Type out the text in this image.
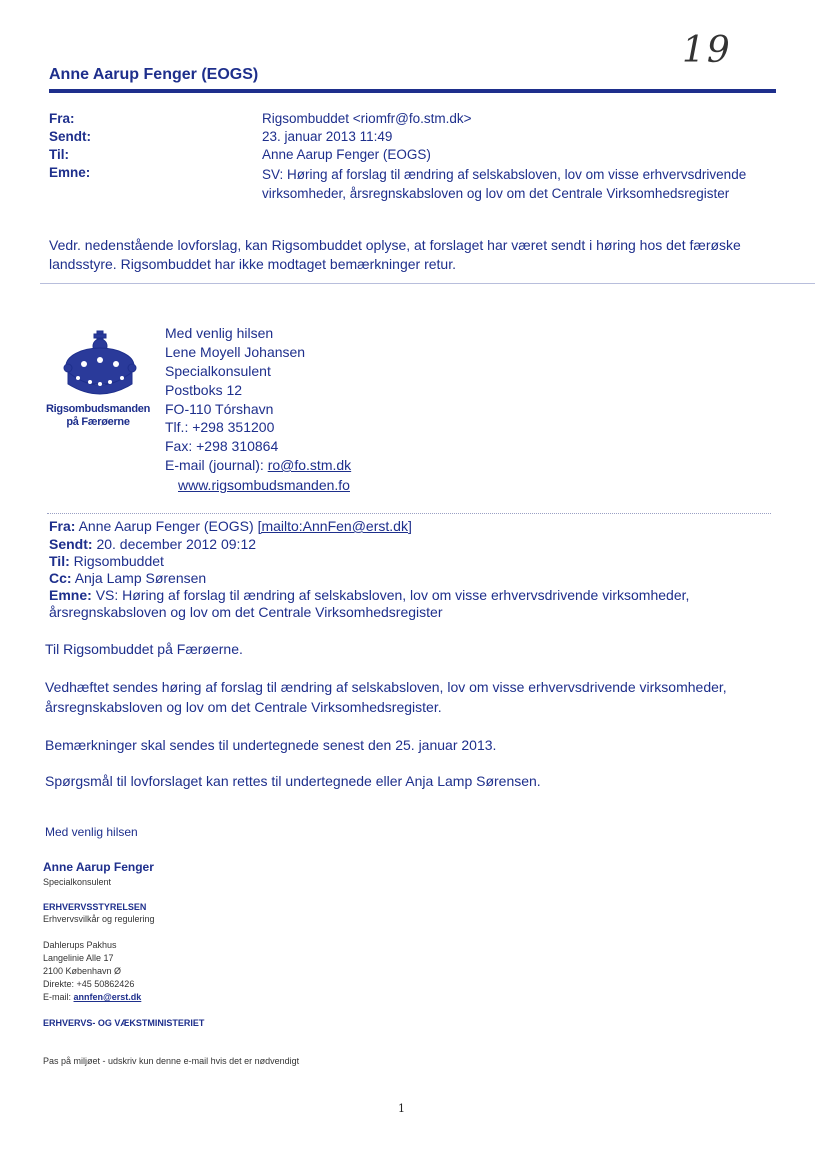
19
Anne Aarup Fenger (EOGS)
Fra:
Sendt:
Til:
Emne:
Rigsombuddet <riomfr@fo.stm.dk>
23. januar 2013 11:49
Anne Aarup Fenger (EOGS)
SV: Høring af forslag til ændring af selskabsloven, lov om visse erhvervsdrivende virksomheder, årsregnskabsloven og lov om det Centrale Virksomhedsregister
Vedr. nedenstående lovforslag, kan Rigsombuddet oplyse, at forslaget har været sendt i høring hos det færøske landsstyre. Rigsombuddet har ikke modtaget bemærkninger retur.
Rigsombudsmanden
på Færøerne
Med venlig hilsen
Lene Moyell Johansen
Specialkonsulent
Postboks 12
FO-110 Tórshavn
Tlf.: +298 351200
Fax: +298 310864
E-mail (journal): ro@fo.stm.dk
www.rigsombudsmanden.fo
Fra: Anne Aarup Fenger (EOGS) [mailto:AnnFen@erst.dk]
Sendt: 20. december 2012 09:12
Til: Rigsombuddet
Cc: Anja Lamp Sørensen
Emne: VS: Høring af forslag til ændring af selskabsloven, lov om visse erhvervsdrivende virksomheder,
årsregnskabsloven og lov om det Centrale Virksomhedsregister
Til Rigsombuddet på Færøerne.
Vedhæftet sendes høring af forslag til ændring af selskabsloven, lov om visse erhvervsdrivende virksomheder, årsregnskabsloven og lov om det Centrale Virksomhedsregister.
Bemærkninger skal sendes til undertegnede senest den 25. januar 2013.
Spørgsmål til lovforslaget kan rettes til undertegnede eller Anja Lamp Sørensen.
Med venlig hilsen
Anne Aarup Fenger
Specialkonsulent
ERHVERVSSTYRELSEN
Erhvervsvilkår og regulering
Dahlerups Pakhus
Langelinie Alle 17
2100 København Ø
Direkte: +45 50862426
E-mail: annfen@erst.dk
ERHVERVS- OG VÆKSTMINISTERIET
Pas på miljøet - udskriv kun denne e-mail hvis det er nødvendigt
1
